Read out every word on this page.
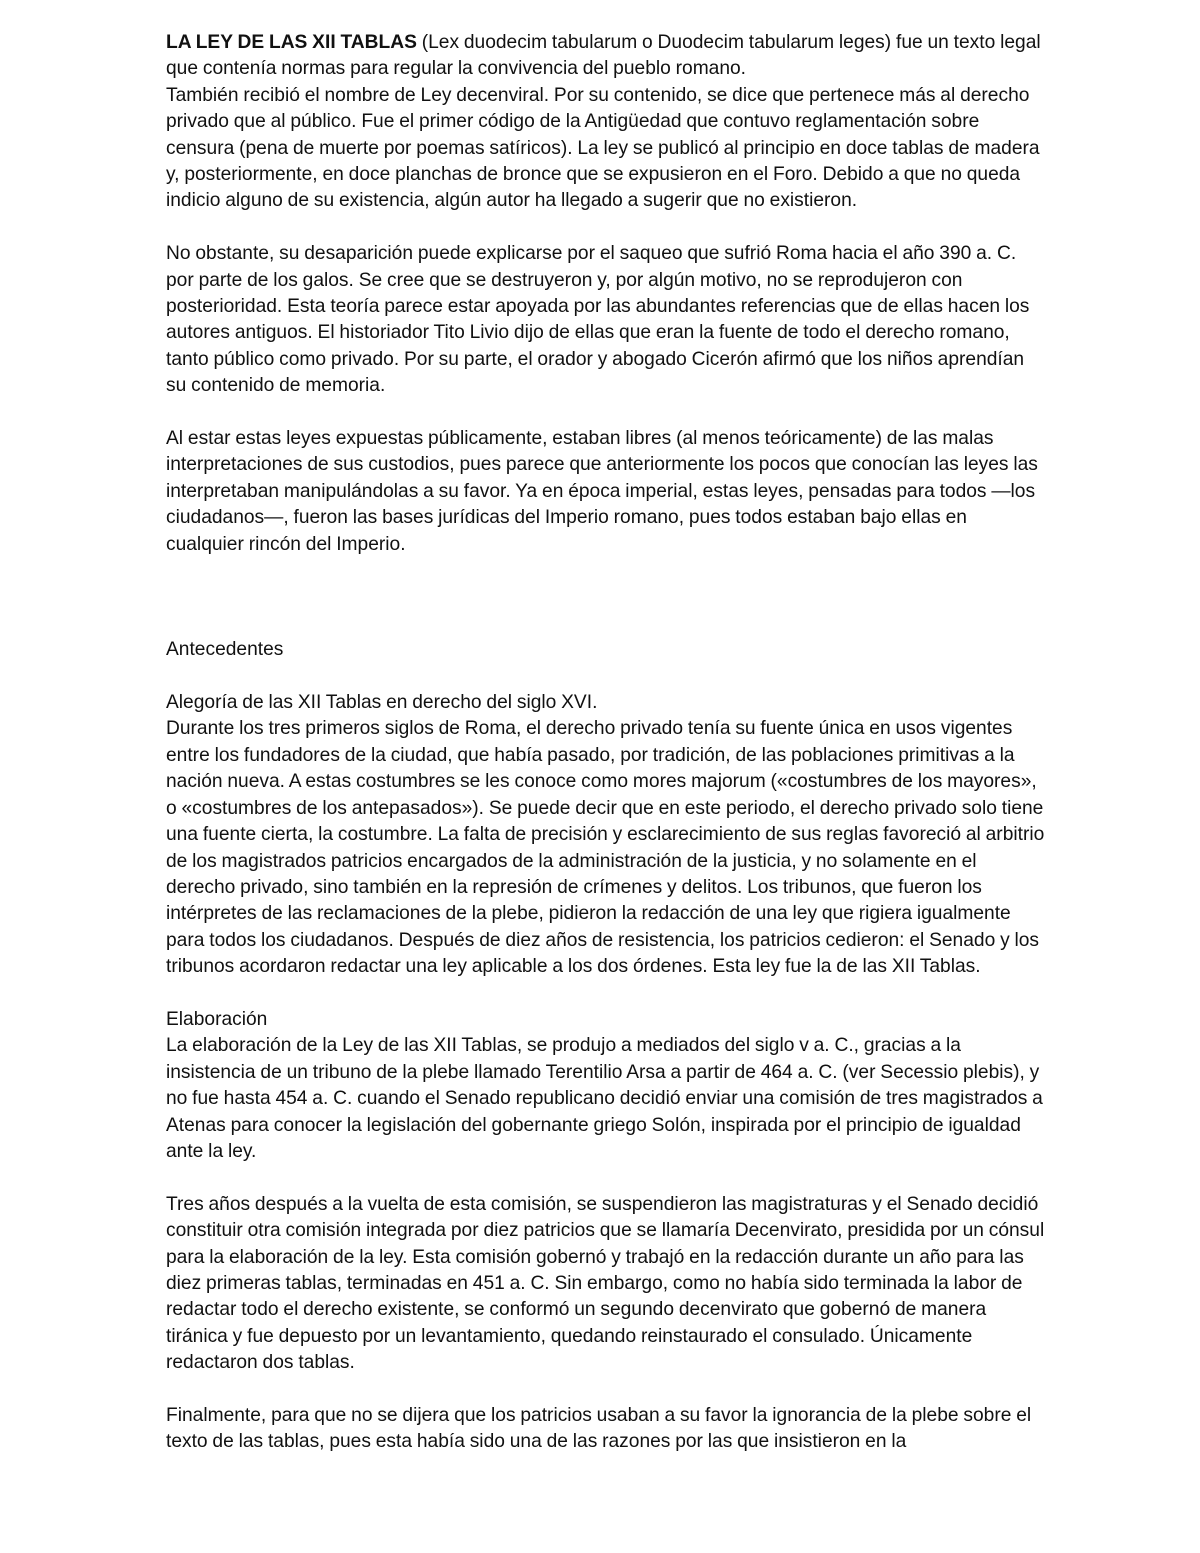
LA LEY DE LAS XII TABLAS (Lex duodecim tabularum o Duodecim tabularum leges) fue un texto legal que contenía normas para regular la convivencia del pueblo romano.

También recibió el nombre de Ley decenviral. Por su contenido, se dice que pertenece más al derecho privado que al público. Fue el primer código de la Antigüedad que contuvo reglamentación sobre censura (pena de muerte por poemas satíricos). La ley se publicó al principio en doce tablas de madera y, posteriormente, en doce planchas de bronce que se expusieron en el Foro. Debido a que no queda indicio alguno de su existencia, algún autor ha llegado a sugerir que no existieron.

No obstante, su desaparición puede explicarse por el saqueo que sufrió Roma hacia el año 390 a. C. por parte de los galos. Se cree que se destruyeron y, por algún motivo, no se reprodujeron con posterioridad. Esta teoría parece estar apoyada por las abundantes referencias que de ellas hacen los autores antiguos. El historiador Tito Livio dijo de ellas que eran la fuente de todo el derecho romano, tanto público como privado. Por su parte, el orador y abogado Cicerón afirmó que los niños aprendían su contenido de memoria.

Al estar estas leyes expuestas públicamente, estaban libres (al menos teóricamente) de las malas interpretaciones de sus custodios, pues parece que anteriormente los pocos que conocían las leyes las interpretaban manipulándolas a su favor. Ya en época imperial, estas leyes, pensadas para todos —los ciudadanos—, fueron las bases jurídicas del Imperio romano, pues todos estaban bajo ellas en cualquier rincón del Imperio.

Antecedentes

Alegoría de las XII Tablas en derecho del siglo XVI.

Durante los tres primeros siglos de Roma, el derecho privado tenía su fuente única en usos vigentes entre los fundadores de la ciudad, que había pasado, por tradición, de las poblaciones primitivas a la nación nueva. A estas costumbres se les conoce como mores majorum («costumbres de los mayores», o «costumbres de los antepasados»). Se puede decir que en este periodo, el derecho privado solo tiene una fuente cierta, la costumbre. La falta de precisión y esclarecimiento de sus reglas favoreció al arbitrio de los magistrados patricios encargados de la administración de la justicia, y no solamente en el derecho privado, sino también en la represión de crímenes y delitos. Los tribunos, que fueron los intérpretes de las reclamaciones de la plebe, pidieron la redacción de una ley que rigiera igualmente para todos los ciudadanos. Después de diez años de resistencia, los patricios cedieron: el Senado y los tribunos acordaron redactar una ley aplicable a los dos órdenes. Esta ley fue la de las XII Tablas.

Elaboración

La elaboración de la Ley de las XII Tablas, se produjo a mediados del siglo v a. C., gracias a la insistencia de un tribuno de la plebe llamado Terentilio Arsa a partir de 464 a. C. (ver Secessio plebis), y no fue hasta 454 a. C. cuando el Senado republicano decidió enviar una comisión de tres magistrados a Atenas para conocer la legislación del gobernante griego Solón, inspirada por el principio de igualdad ante la ley.

Tres años después a la vuelta de esta comisión, se suspendieron las magistraturas y el Senado decidió constituir otra comisión integrada por diez patricios que se llamaría Decenvirato, presidida por un cónsul para la elaboración de la ley. Esta comisión gobernó y trabajó en la redacción durante un año para las diez primeras tablas, terminadas en 451 a. C. Sin embargo, como no había sido terminada la labor de redactar todo el derecho existente, se conformó un segundo decenvirato que gobernó de manera tiránica y fue depuesto por un levantamiento, quedando reinstaurado el consulado. Únicamente redactaron dos tablas.

Finalmente, para que no se dijera que los patricios usaban a su favor la ignorancia de la plebe sobre el texto de las tablas, pues esta había sido una de las razones por las que insistieron en la
